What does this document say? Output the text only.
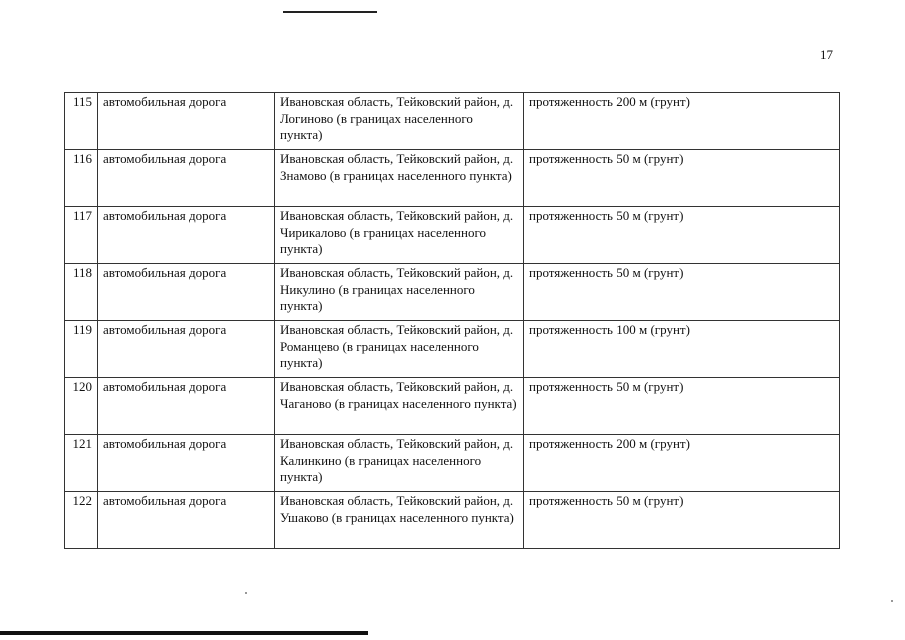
17
115	автомобильная дорога	Ивановская область, Тейковский район, д. Логиново (в границах населенного пункта)	протяженность 200 м (грунт)
116	автомобильная дорога	Ивановская область, Тейковский район, д. Знамово (в границах населенного пункта)	протяженность 50 м (грунт)
117	автомобильная дорога	Ивановская область, Тейковский район, д. Чирикалово (в границах населенного пункта)	протяженность 50 м (грунт)
118	автомобильная дорога	Ивановская область, Тейковский район, д. Никулино (в границах населенного пункта)	протяженность 50 м (грунт)
119	автомобильная дорога	Ивановская область, Тейковский район, д. Романцево (в границах населенного пункта)	протяженность 100 м (грунт)
120	автомобильная дорога	Ивановская область, Тейковский район, д. Чаганово (в границах населенного пункта)	протяженность 50 м (грунт)
121	автомобильная дорога	Ивановская область, Тейковский район, д. Калинкино (в границах населенного пункта)	протяженность 200 м (грунт)
122	автомобильная дорога	Ивановская область, Тейковский район, д. Ушаково (в границах населенного пункта)	протяженность 50 м (грунт)
